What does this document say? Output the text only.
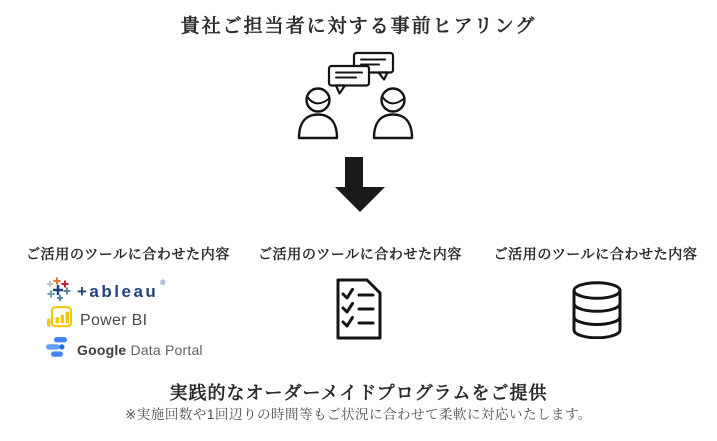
貴社ご担当者に対する事前ヒアリング
ご活用のツールに合わせた内容	ご活用のツールに合わせた内容	ご活用のツールに合わせた内容
+ableau ®
Power BI
Google Data Portal
実践的なオーダーメイドプログラムをご提供
※実施回数や1回辺りの時間等もご状況に合わせて柔軟に対応いたします。
